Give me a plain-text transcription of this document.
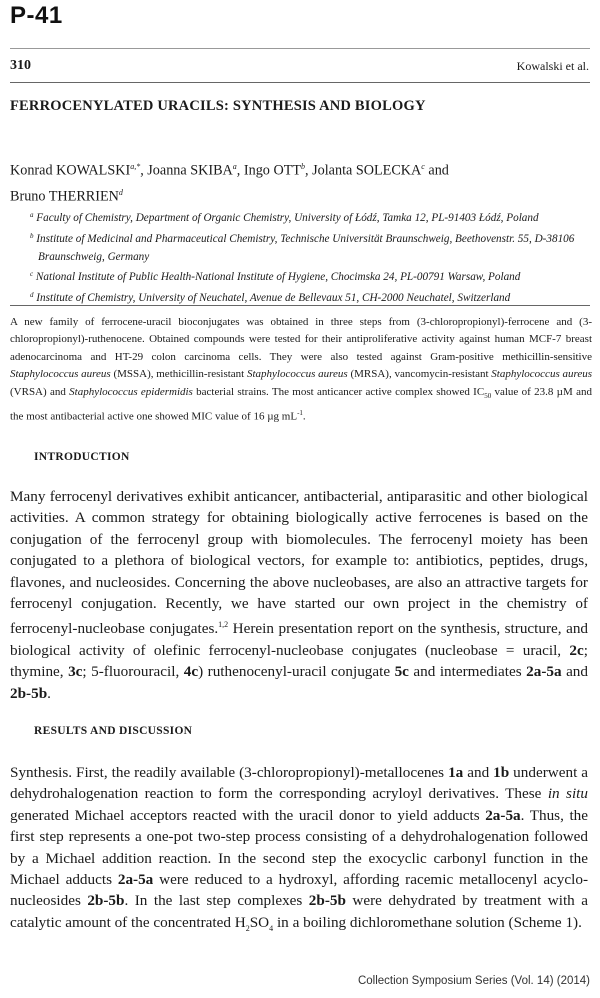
P-41
310	Kowalski et al.
FERROCENYLATED URACILS: SYNTHESIS AND BIOLOGY
Konrad $KOWALSKI^{a,*}$, Joanna SKIBA$^a$, Ingo OTT$^b$, Jolanta SOLECKA$^c$ and
Bruno THERRIEN$^d$
$^a$ Faculty of Chemistry, Department of Organic Chemistry, University of Łódź, Tamka 12, PL-91403 Łódź, Poland
$^b$ Institute of Medicinal and Pharmaceutical Chemistry, Technische Universität Braunschweig, Beethovenstr. 55, D-38106 Braunschweig, Germany
$^c$ National Institute of Public Health-National Institute of Hygiene, Chocimska 24, PL-00791 Warsaw, Poland
$^d$ Institute of Chemistry, University of Neuchatel, Avenue de Bellevaux 51, CH-2000 Neuchatel, Switzerland

A new family of ferrocene-uracil bioconjugates was obtained in three steps from (3-chloropropionyl)-ferrocene and (3-chloropropionyl)-ruthenocene. Obtained compounds were tested for their antiproliferative activity against human MCF-7 breast adenocarcinoma and HT-29 colon carcinoma cells. They were also tested against Gram-positive methicillin-sensitive Staphylococcus aureus (MSSA), methicillin-resistant Staphylococcus aureus (MRSA), vancomycin-resistant Staphylococcus aureus (VRSA) and Staphylococcus epidermidis bacterial strains. The most anticancer active complex showed $IC_{50}$ value of 23.8 µM and the most antibacterial active one showed MIC value of 16 µg $mL^{-1}$.

INTRODUCTION

Many ferrocenyl derivatives exhibit anticancer, antibacterial, antiparasitic and other biological activities. A common strategy for obtaining biologically active ferrocenes is based on the conjugation of the ferrocenyl group with biomolecules. The ferrocenyl moiety has been conjugated to a plethora of biological vectors, for example to: antibiotics, peptides, drugs, flavones, and nucleosides. Concerning the above nucleobases, are also an attractive targets for ferrocenyl conjugation. Recently, we have started our own project in the chemistry of ferrocenyl-nucleobase conjugates.$^{1,2}$ Herein presentation report on the synthesis, structure, and biological activity of olefinic ferrocenyl-nucleobase conjugates (nucleobase = uracil, 2c; thymine, 3c; 5-fluorouracil, 4c) ruthenocenyl-uracil conjugate 5c and intermediates 2a-5a and 2b-5b.

RESULTS AND DISCUSSION

Synthesis. First, the readily available (3-chloropropionyl)-metallocenes 1a and 1b underwent a dehydrohalogenation reaction to form the corresponding acryloyl derivatives. These in situ generated Michael acceptors reacted with the uracil donor to yield adducts 2a-5a. Thus, the first step represents a one-pot two-step process consisting of a dehydrohalogenation followed by a Michael addition reaction. In the second step the exocyclic carbonyl function in the Michael adducts 2a-5a were reduced to a hydroxyl, affording racemic metallocenyl acyclo-nucleosides 2b-5b. In the last step complexes 2b-5b were dehydrated by treatment with a catalytic amount of the concentrated $H_2SO_4$ in a boiling dichloromethane solution (Scheme 1).

Collection Symposium Series (Vol. 14) (2014)
